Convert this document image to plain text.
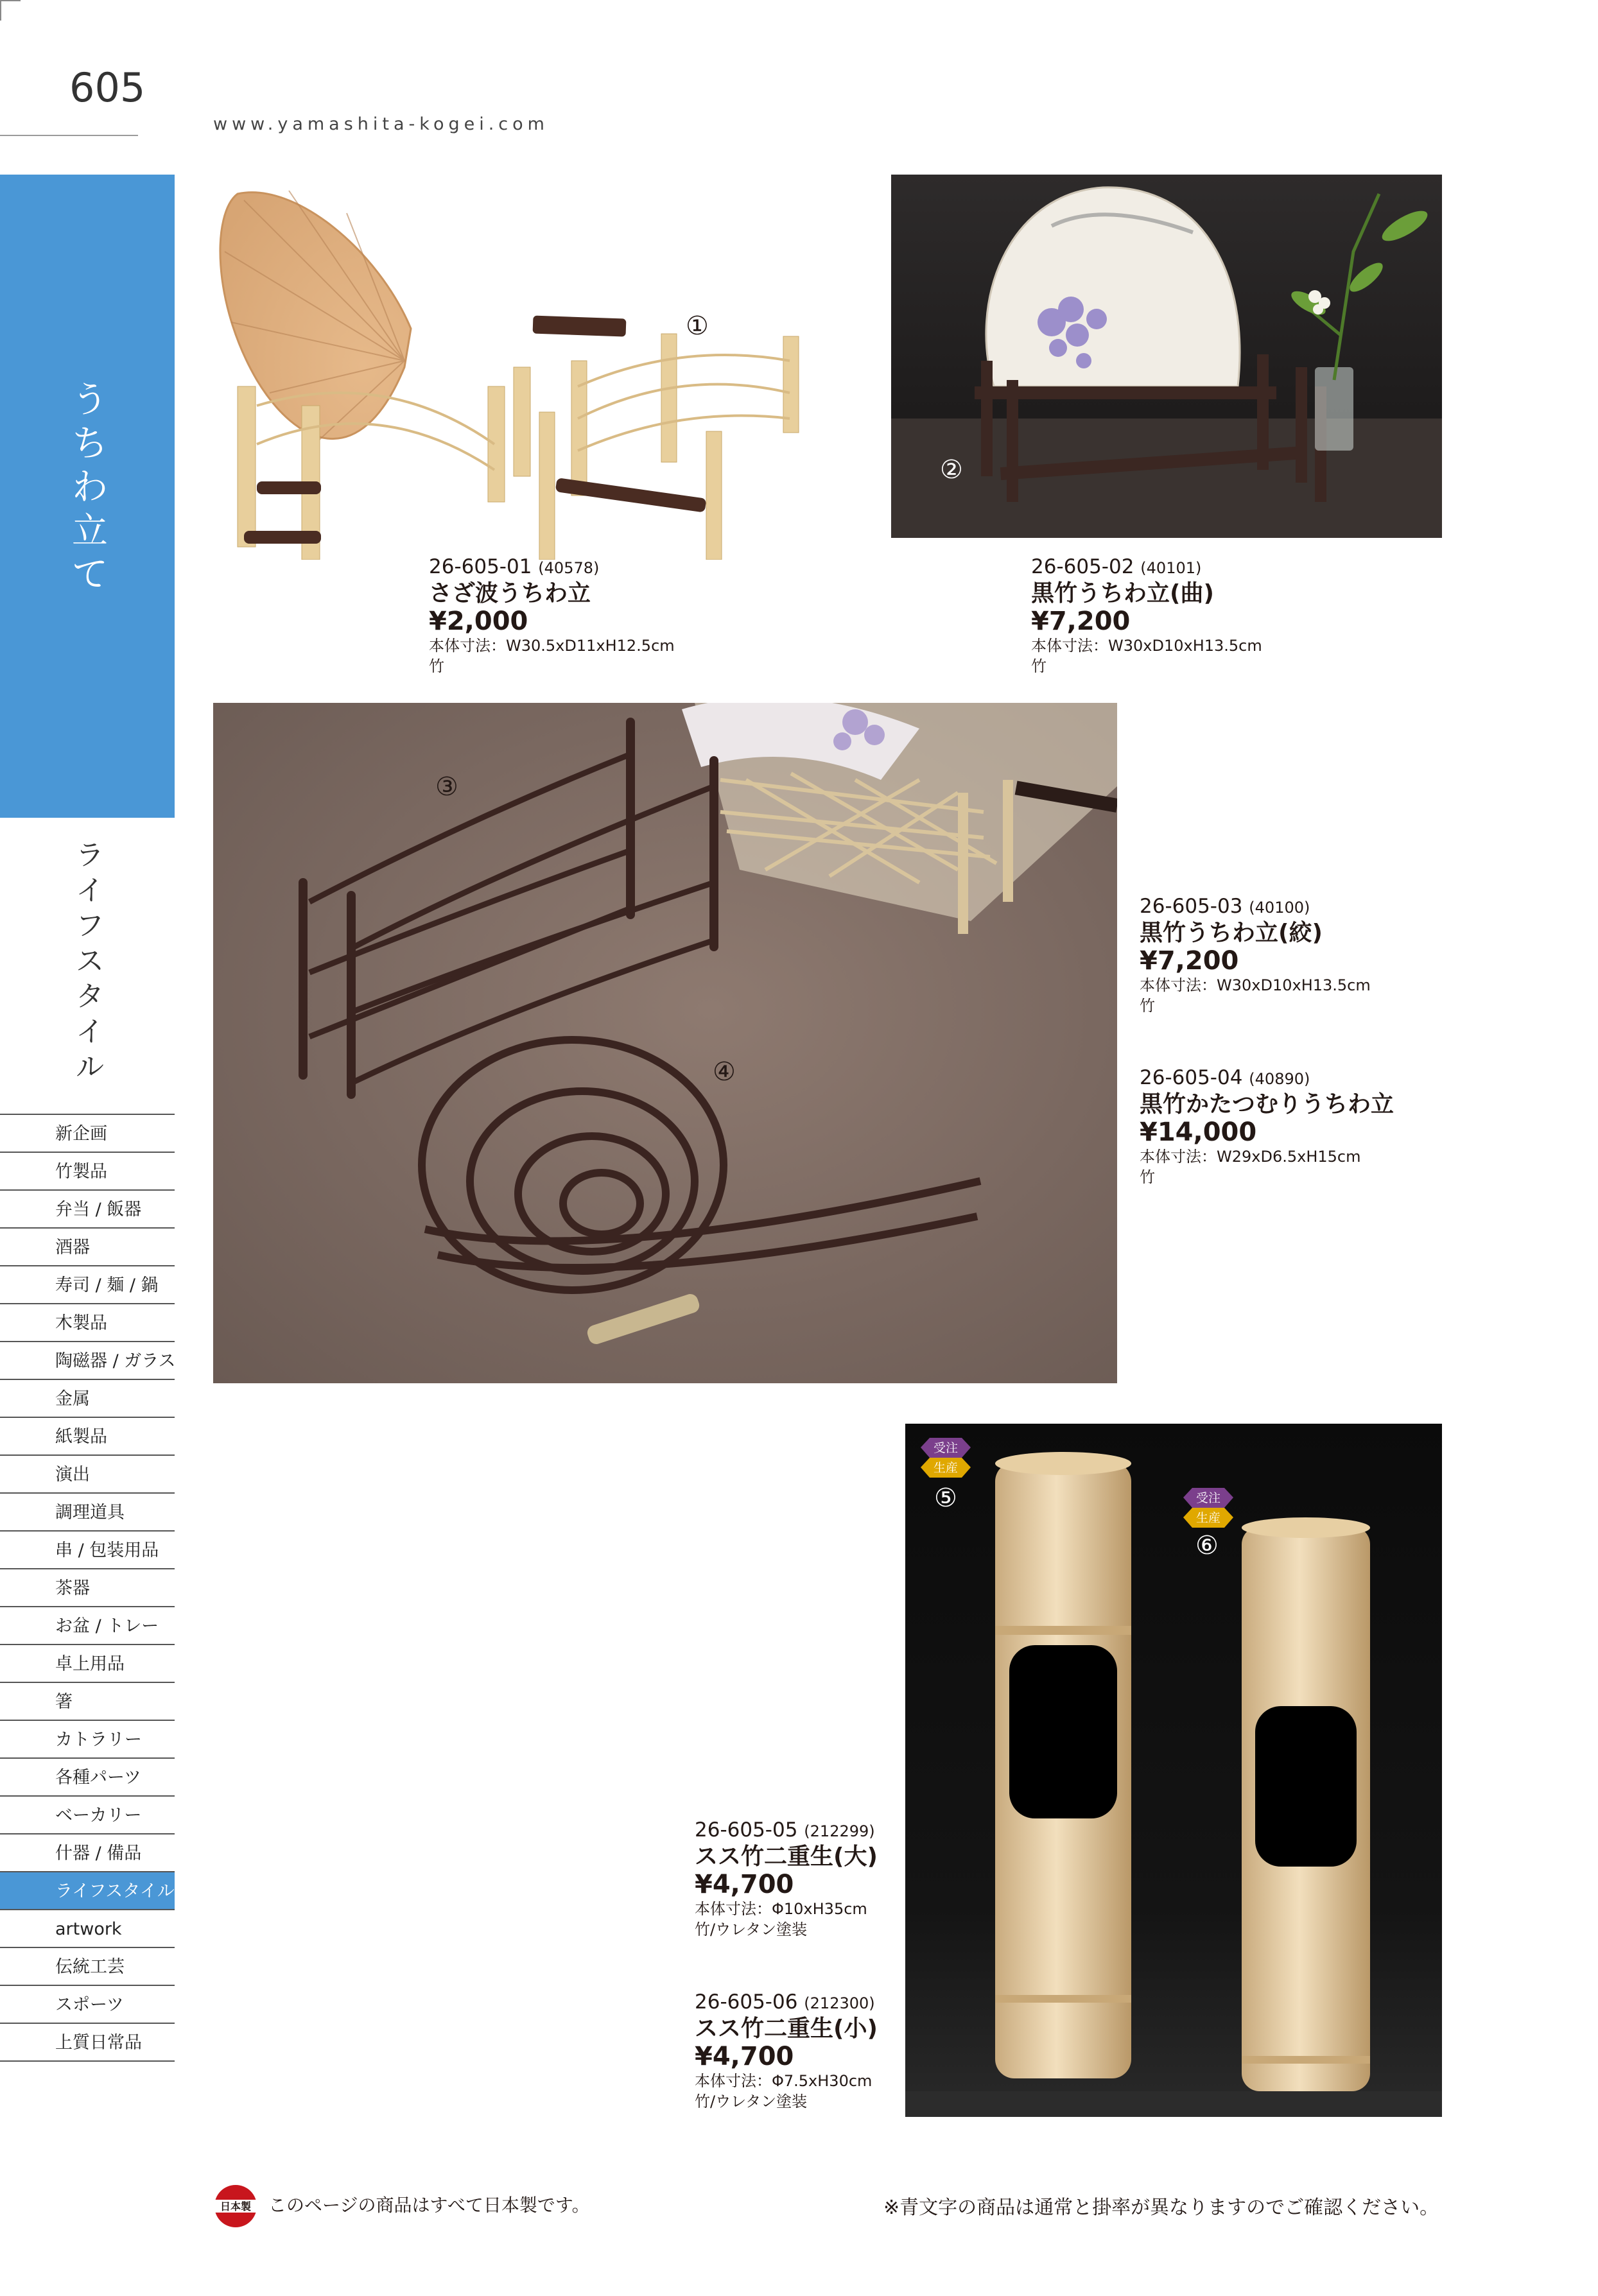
605
www.yamashita-kogei.com
う
ち
わ
立
て
ラ
イ
フ
ス
タ
イ
ル
新企画
竹製品
弁当 / 飯器
酒器
寿司 / 麺 / 鍋
木製品
陶磁器 / ガラス
金属
紙製品
演出
調理道具
串 / 包装用品
茶器
お盆 / トレー
卓上用品
箸
カトラリー
各種パーツ
ベーカリー
什器 / 備品
ライフスタイル
artwork
伝統工芸
スポーツ
上質日常品
①
②
26-605-01 (40578)
さざ波うちわ立
¥2,000
本体寸法：W30.5xD11xH12.5cm
竹
26-605-02 (40101)
黒竹うちわ立(曲)
¥7,200
本体寸法：W30xD10xH13.5cm
竹
③
④
26-605-03 (40100)
黒竹うちわ立(絞)
¥7,200
本体寸法：W30xD10xH13.5cm
竹
26-605-04 (40890)
黒竹かたつむりうちわ立
¥14,000
本体寸法：W29xD6.5xH15cm
竹
受注
生産
⑤	受注
生産
⑥
26-605-05 (212299)
スス竹二重生(大)
¥4,700
本体寸法：Φ10xH35cm
竹/ウレタン塗装
26-605-06 (212300)
スス竹二重生(小)
¥4,700
本体寸法：Φ7.5xH30cm
竹/ウレタン塗装
日本製 このページの商品はすべて日本製です。	※青文字の商品は通常と掛率が異なりますのでご確認ください。
